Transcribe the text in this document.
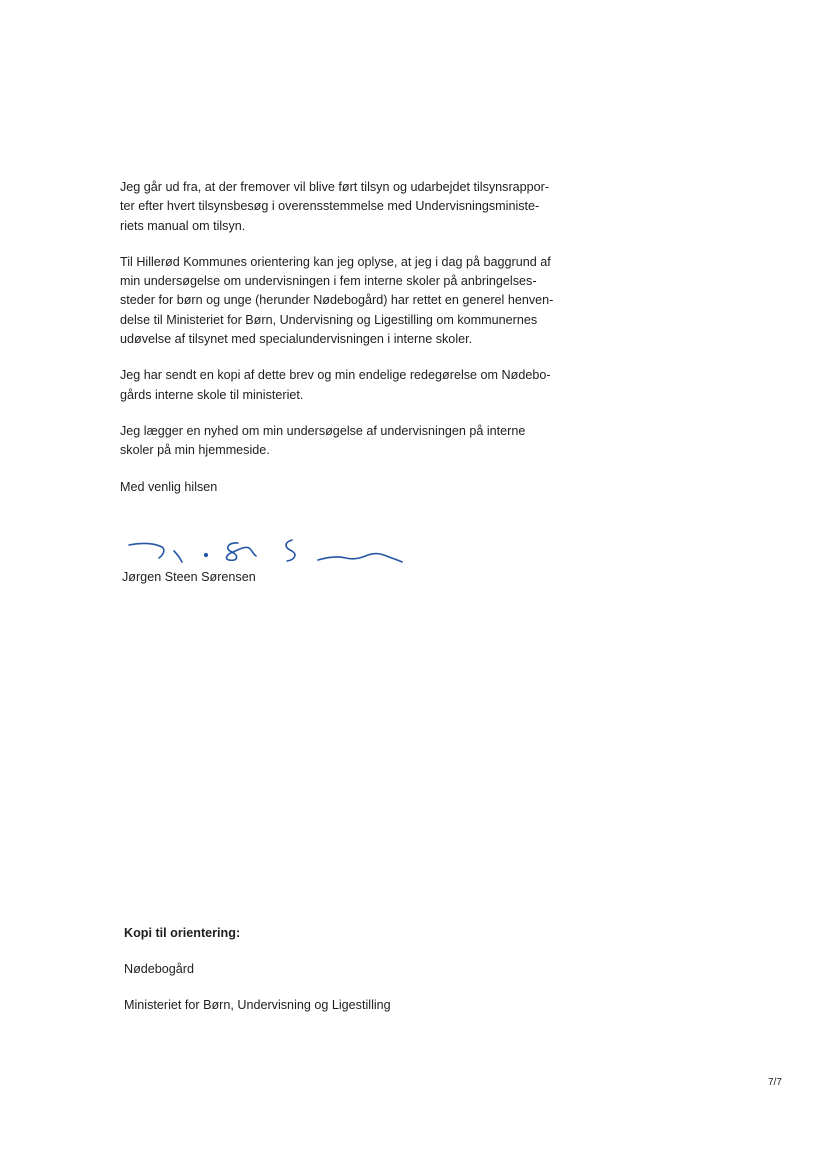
Jeg går ud fra, at der fremover vil blive ført tilsyn og udarbejdet tilsynsrappor-
ter efter hvert tilsynsbesøg i overensstemmelse med Undervisningsministe-
riets manual om tilsyn.

Til Hillerød Kommunes orientering kan jeg oplyse, at jeg i dag på baggrund af
min undersøgelse om undervisningen i fem interne skoler på anbringelses-
steder for børn og unge (herunder Nødebogård) har rettet en generel henven-
delse til Ministeriet for Børn, Undervisning og Ligestilling om kommunernes
udøvelse af tilsynet med specialundervisningen i interne skoler.

Jeg har sendt en kopi af dette brev og min endelige redegørelse om Nødebo-
gårds interne skole til ministeriet.

Jeg lægger en nyhed om min undersøgelse af undervisningen på interne
skoler på min hjemmeside.

Med venlig hilsen

Jørgen Steen Sørensen
Kopi til orientering:
Nødebogård
Ministeriet for Børn, Undervisning og Ligestilling
7/7
